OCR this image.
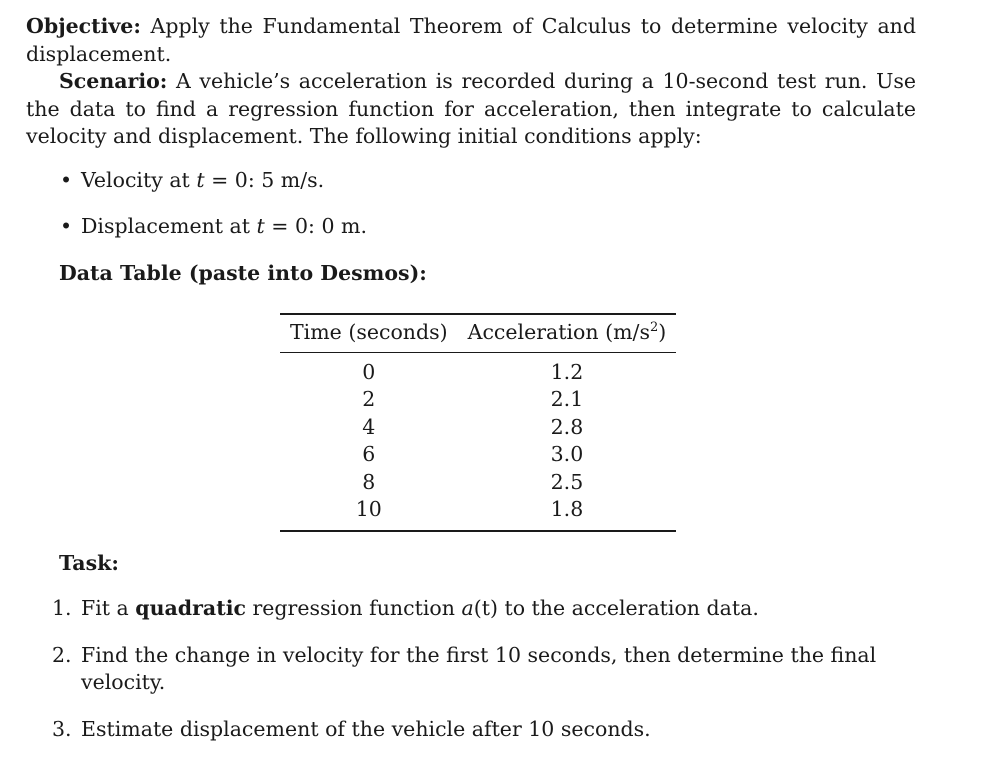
Objective: Apply the Fundamental Theorem of Calculus to determine velocity and displacement.

Scenario: A vehicle’s acceleration is recorded during a 10-second test run. Use the data to find a regression function for acceleration, then integrate to calculate velocity and displacement. The following initial conditions apply:

• Velocity at t = 0: 5 m/s.
• Displacement at t = 0: 0 m.

Data Table (paste into Desmos):

Time (seconds)	Acceleration $(m/s^2)$
0	1.2
2	2.1
4	2.8
6	3.0
8	2.5
10	1.8

Task:

1. Fit a quadratic regression function a(t) to the acceleration data.
2. Find the change in velocity for the first 10 seconds, then determine the final velocity.
3. Estimate displacement of the vehicle after 10 seconds.
